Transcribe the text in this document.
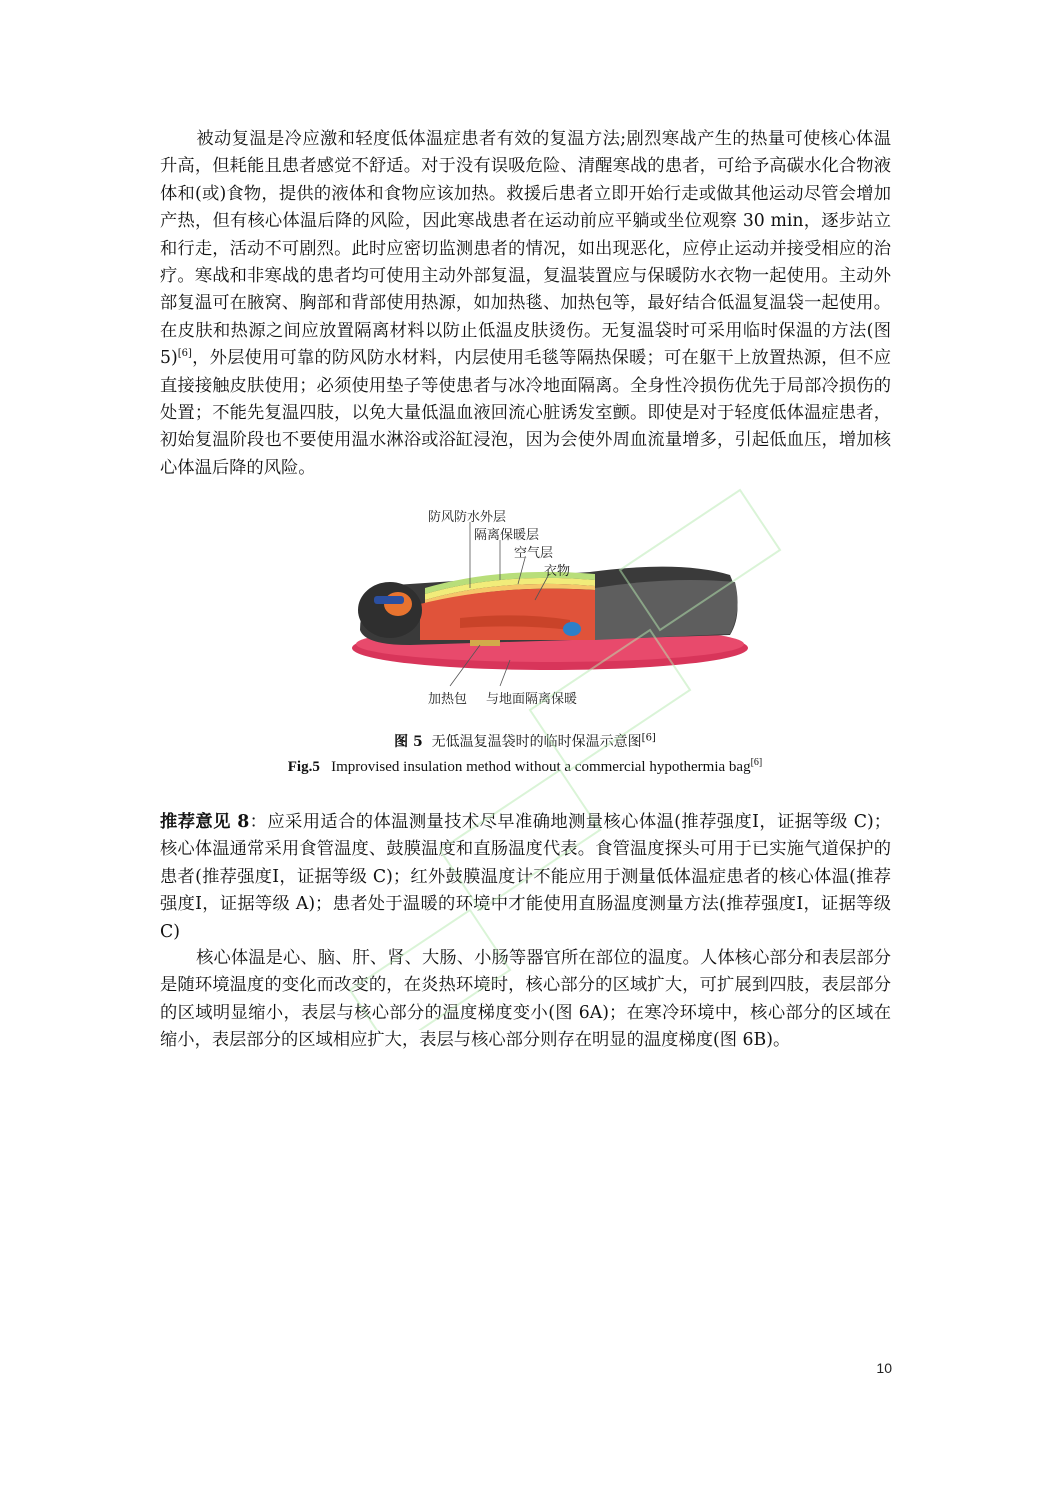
被动复温是冷应激和轻度低体温症患者有效的复温方法;剧烈寒战产生的热量可使核心体温升高，但耗能且患者感觉不舒适。对于没有误吸危险、清醒寒战的患者，可给予高碳水化合物液体和(或)食物，提供的液体和食物应该加热。救援后患者立即开始行走或做其他运动尽管会增加产热，但有核心体温后降的风险，因此寒战患者在运动前应平躺或坐位观察 30 min，逐步站立和行走，活动不可剧烈。此时应密切监测患者的情况，如出现恶化，应停止运动并接受相应的治疗。寒战和非寒战的患者均可使用主动外部复温，复温装置应与保暖防水衣物一起使用。主动外部复温可在腋窝、胸部和背部使用热源，如加热毯、加热包等，最好结合低温复温袋一起使用。在皮肤和热源之间应放置隔离材料以防止低温皮肤烫伤。无复温袋时可采用临时保温的方法(图 5)[6]，外层使用可靠的防风防水材料，内层使用毛毯等隔热保暖；可在躯干上放置热源，但不应直接接触皮肤使用；必须使用垫子等使患者与冰冷地面隔离。全身性冷损伤优先于局部冷损伤的处置；不能先复温四肢，以免大量低温血液回流心脏诱发室颤。即使是对于轻度低体温症患者，初始复温阶段也不要使用温水淋浴或浴缸浸泡，因为会使外周血流量增多，引起低血压，增加核心体温后降的风险。
防风防水外层
隔离保暖层
空气层
衣物
加热包 与地面隔离保暖
图 5 无低温复温袋时的临时保温示意图[6]
Fig.5 Improvised insulation method without a commercial hypothermia bag[6]
推荐意见 8：应采用适合的体温测量技术尽早准确地测量核心体温(推荐强度Ⅰ，证据等级 C)；核心体温通常采用食管温度、鼓膜温度和直肠温度代表。食管温度探头可用于已实施气道保护的患者(推荐强度Ⅰ，证据等级 C)；红外鼓膜温度计不能应用于测量低体温症患者的核心体温(推荐强度Ⅰ，证据等级 A)；患者处于温暖的环境中才能使用直肠温度测量方法(推荐强度Ⅰ，证据等级 C)
核心体温是心、脑、肝、肾、大肠、小肠等器官所在部位的温度。人体核心部分和表层部分是随环境温度的变化而改变的，在炎热环境时，核心部分的区域扩大，可扩展到四肢，表层部分的区域明显缩小，表层与核心部分的温度梯度变小(图 6A)；在寒冷环境中，核心部分的区域在缩小，表层部分的区域相应扩大，表层与核心部分则存在明显的温度梯度(图 6B)。
10
